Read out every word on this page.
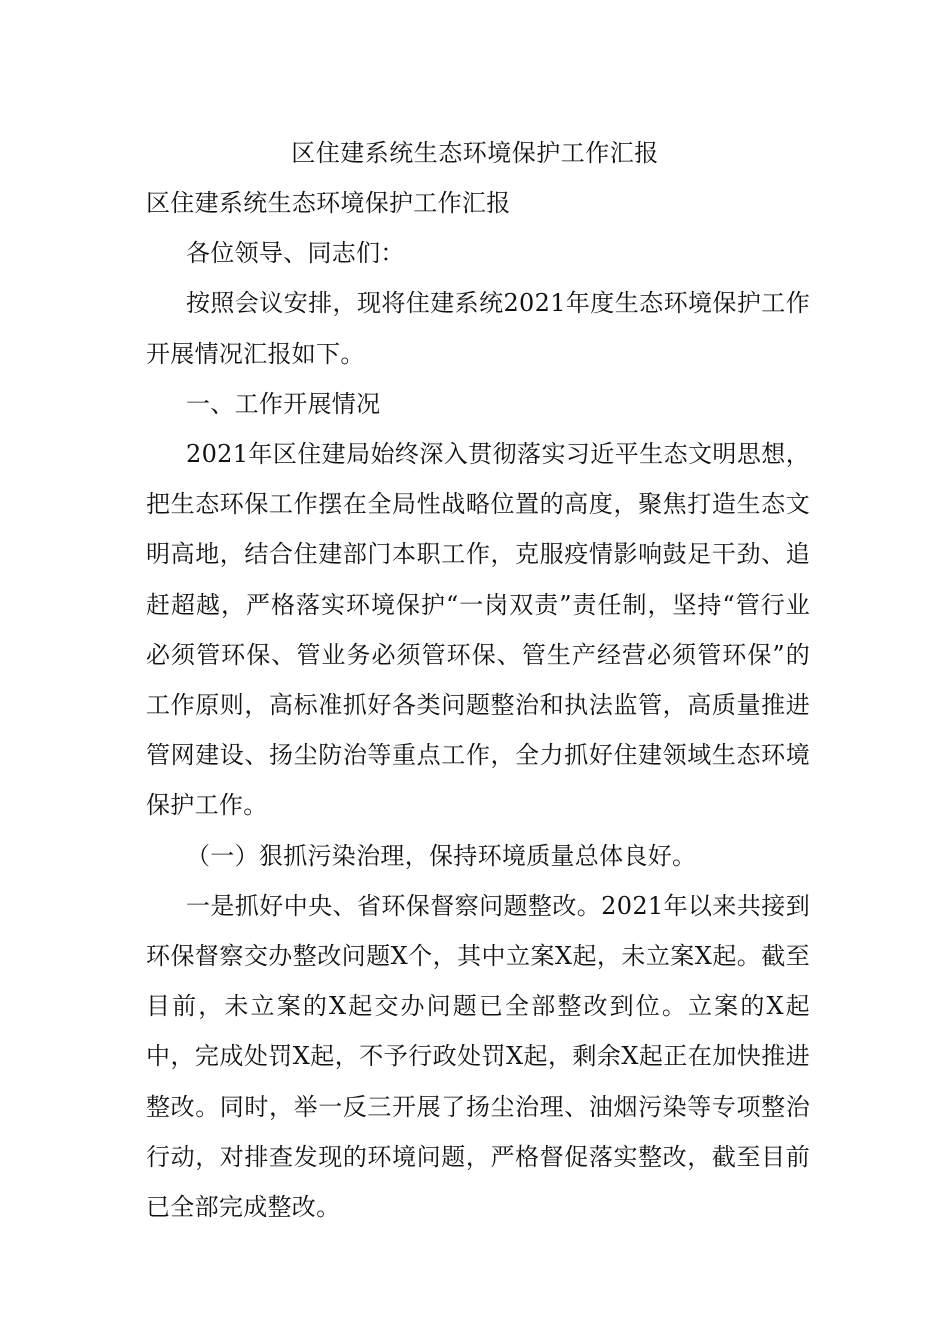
区住建系统生态环境保护工作汇报

区住建系统生态环境保护工作汇报

各位领导、同志们：

按照会议安排，现将住建系统2021年度生态环境保护工作开展情况汇报如下。

一、工作开展情况

2021年区住建局始终深入贯彻落实习近平生态文明思想，把生态环保工作摆在全局性战略位置的高度，聚焦打造生态文明高地，结合住建部门本职工作，克服疫情影响鼓足干劲、追赶超越，严格落实环境保护“一岗双责”责任制，坚持“管行业必须管环保、管业务必须管环保、管生产经营必须管环保”的工作原则，高标准抓好各类问题整治和执法监管，高质量推进管网建设、扬尘防治等重点工作，全力抓好住建领域生态环境保护工作。

（一）狠抓污染治理，保持环境质量总体良好。

一是抓好中央、省环保督察问题整改。2021年以来共接到环保督察交办整改问题X个，其中立案X起，未立案X起。截至目前，未立案的X起交办问题已全部整改到位。立案的X起中，完成处罚X起，不予行政处罚X起，剩余X起正在加快推进整改。同时，举一反三开展了扬尘治理、油烟污染等专项整治行动，对排查发现的环境问题，严格督促落实整改，截至目前已全部完成整改。
